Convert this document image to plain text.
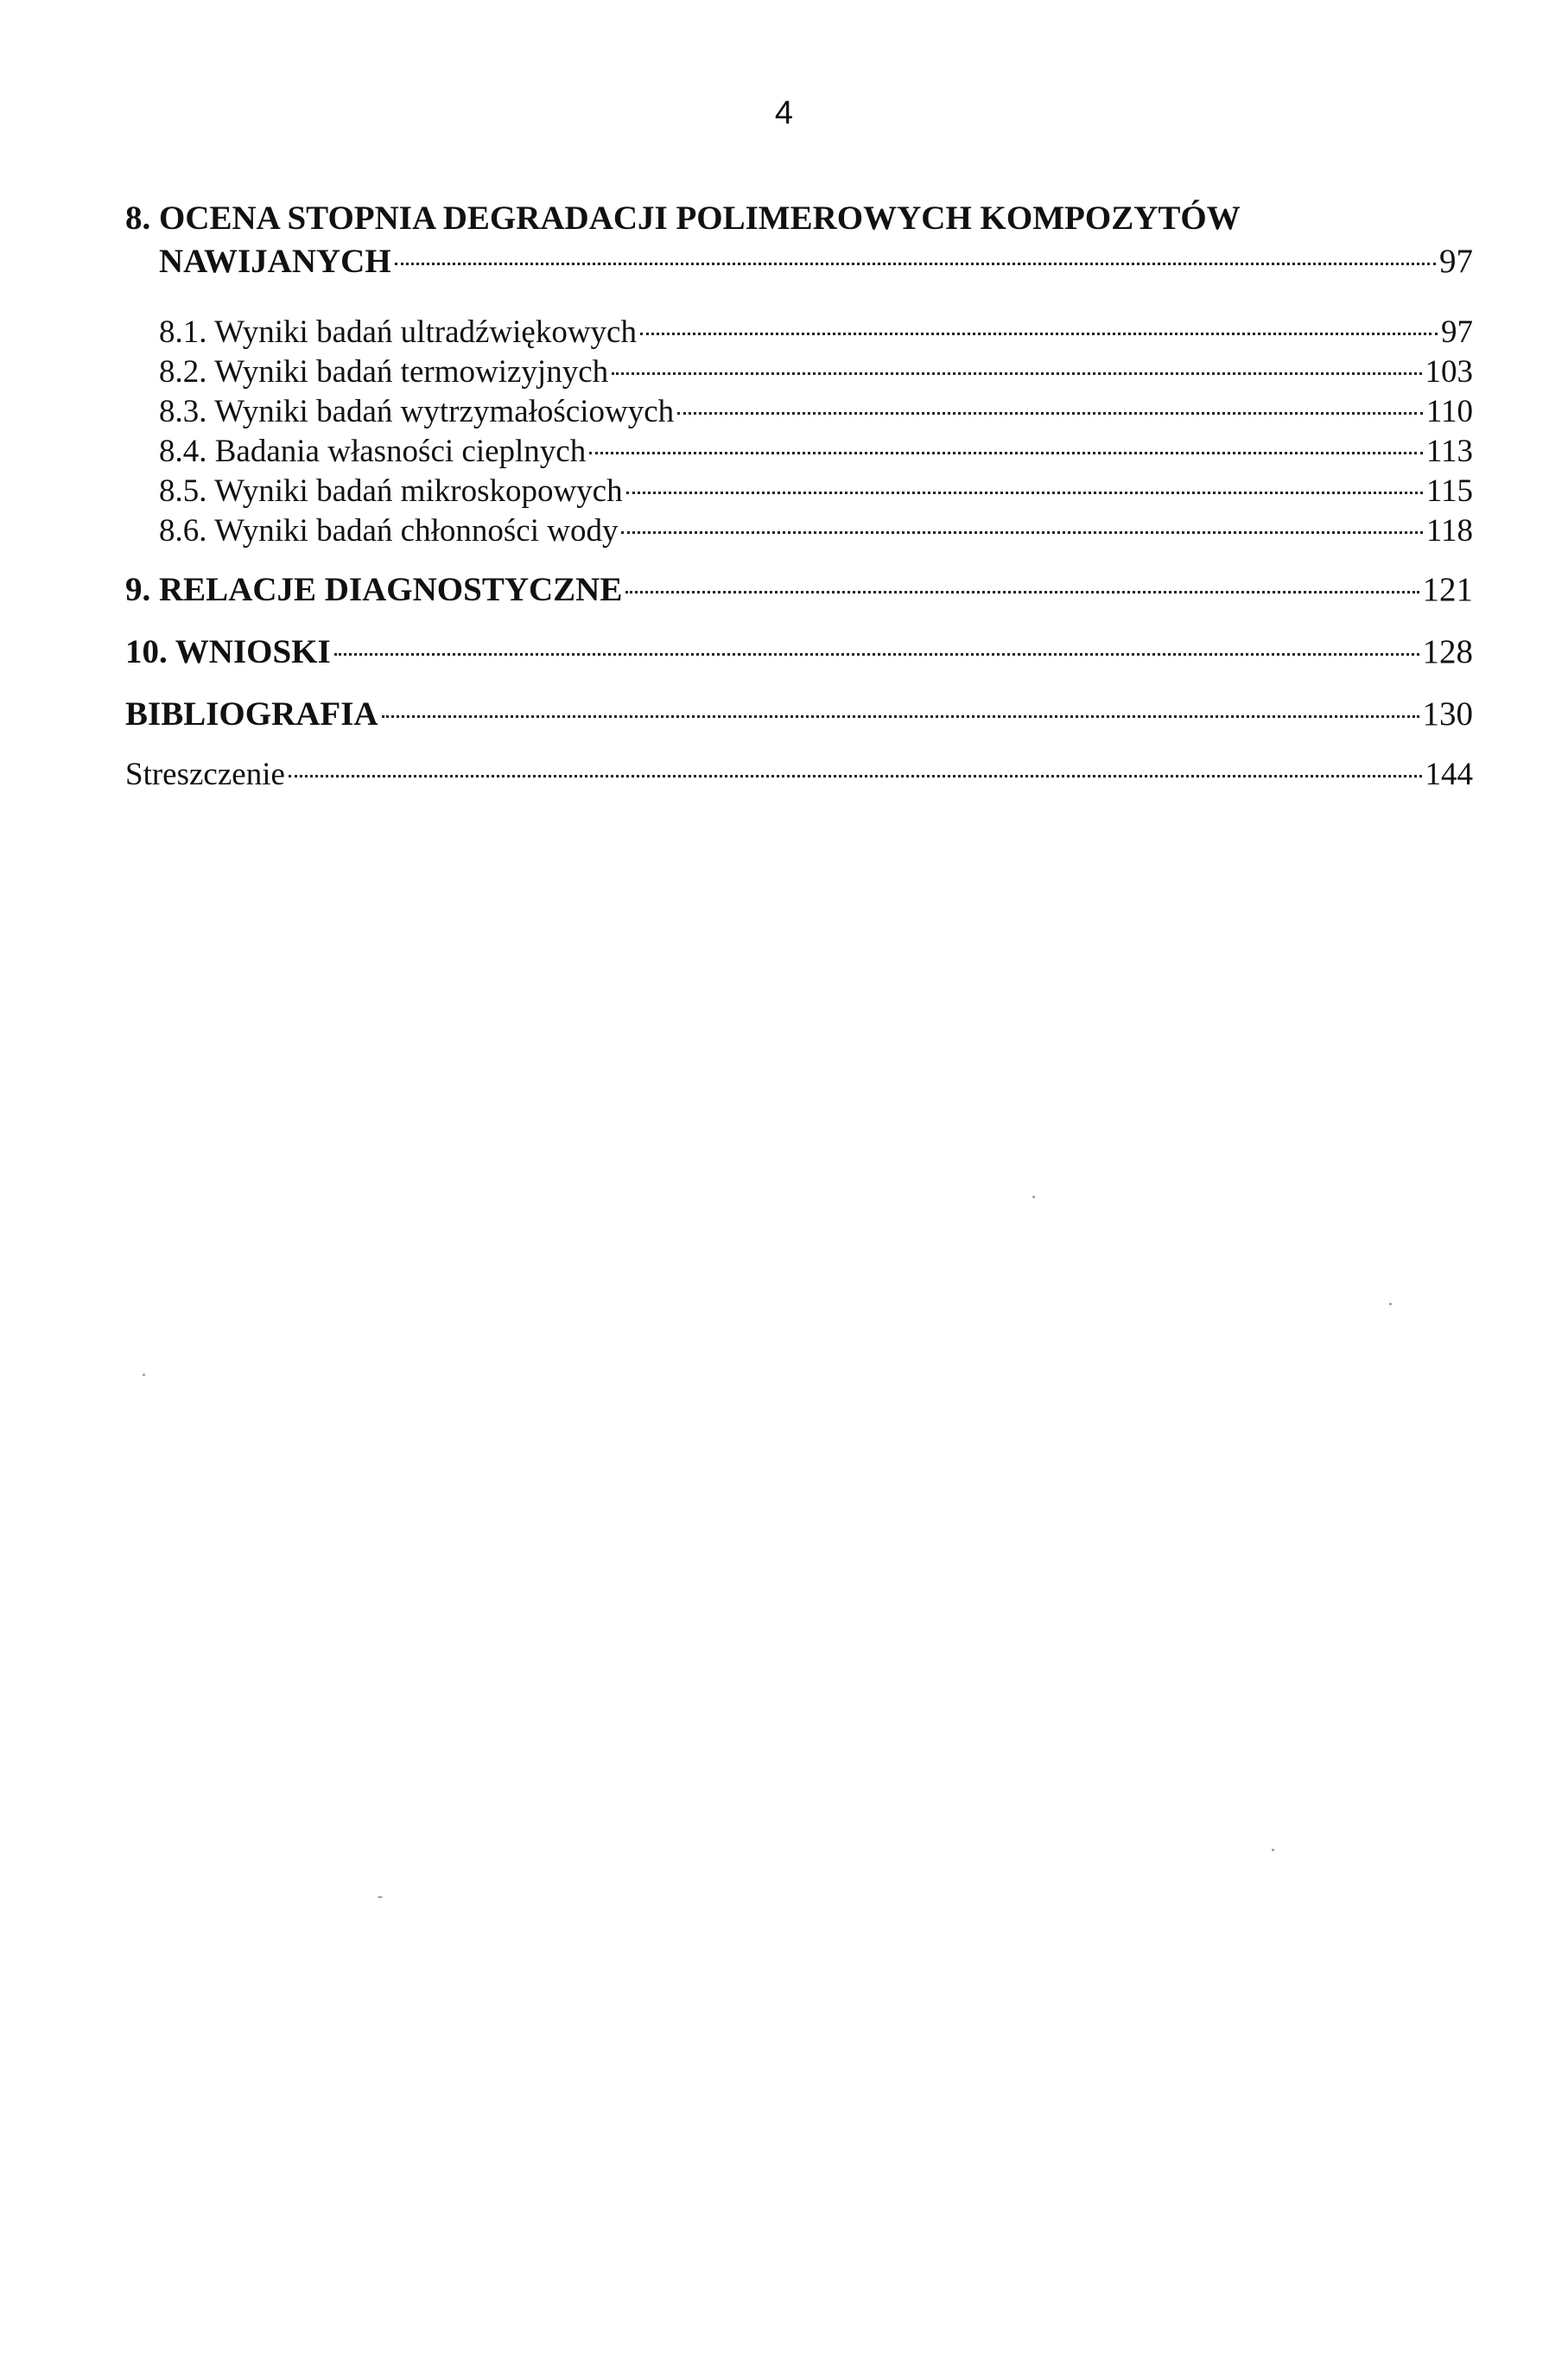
4
8. OCENA STOPNIA DEGRADACJI POLIMEROWYCH KOMPOZYTÓW
NAWIJANYCH	97
8.1. Wyniki badań ultradźwiękowych	97
8.2. Wyniki badań termowizyjnych	103
8.3. Wyniki badań wytrzymałościowych	110
8.4. Badania własności cieplnych	113
8.5. Wyniki badań mikroskopowych	115
8.6. Wyniki badań chłonności wody	118
9. RELACJE DIAGNOSTYCZNE	121
10. WNIOSKI	128
BIBLIOGRAFIA	130
Streszczenie	144
